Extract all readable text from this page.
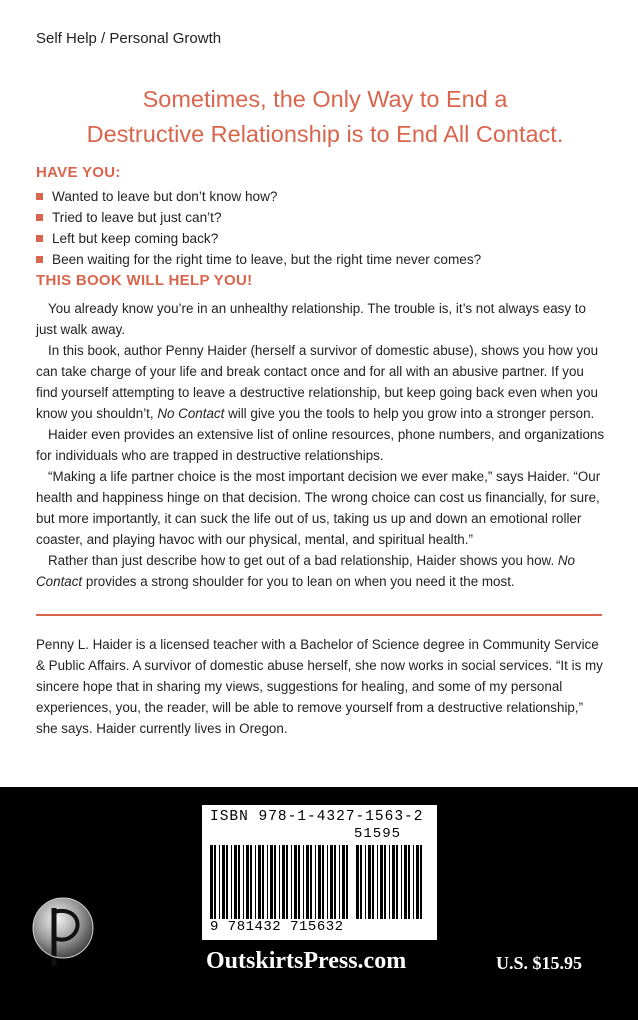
Self Help / Personal Growth
Sometimes, the Only Way to End a
Destructive Relationship is to End All Contact.
HAVE YOU:
Wanted to leave but don’t know how?
Tried to leave but just can’t?
Left but keep coming back?
Been waiting for the right time to leave, but the right time never comes?
THIS BOOK WILL HELP YOU!

You already know you’re in an unhealthy relationship. The trouble is, it’s not always easy to just walk away.

In this book, author Penny Haider (herself a survivor of domestic abuse), shows you how you can take charge of your life and break contact once and for all with an abusive partner. If you find yourself attempting to leave a destructive relationship, but keep going back even when you know you shouldn’t, No Contact will give you the tools to help you grow into a stronger person.

Haider even provides an extensive list of online resources, phone numbers, and organizations for individuals who are trapped in destructive relationships.

“Making a life partner choice is the most important decision we ever make,” says Haider. “Our health and happiness hinge on that decision. The wrong choice can cost us financially, for sure, but more importantly, it can suck the life out of us, taking us up and down an emotional roller coaster, and playing havoc with our physical, mental, and spiritual health.”

Rather than just describe how to get out of a bad relationship, Haider shows you how. No Contact provides a strong shoulder for you to lean on when you need it the most.

Penny L. Haider is a licensed teacher with a Bachelor of Science degree in Community Service & Public Affairs. A survivor of domestic abuse herself, she now works in social services. “It is my sincere hope that in sharing my views, suggestions for healing, and some of my personal experiences, you, the reader, will be able to remove yourself from a destructive relationship,” she says. Haider currently lives in Oregon.
ISBN 978-1-4327-1563-2
51595
9 781432 715632
OutskirtsPress.com	U.S. $15.95
